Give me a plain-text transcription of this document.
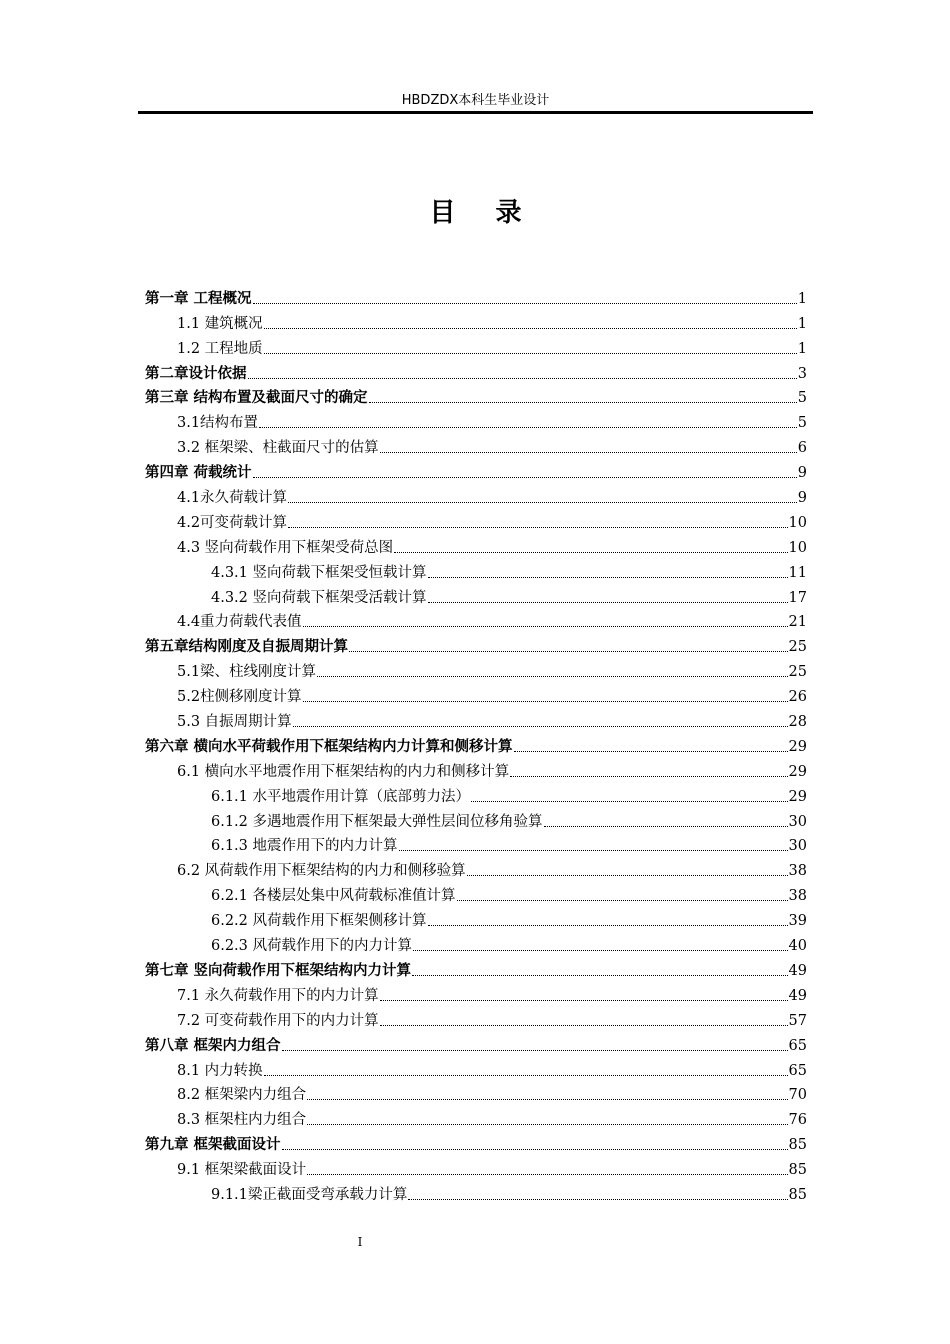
HBDZDX本科生毕业设计
目录
第一章 工程概况	1
1.1 建筑概况	1
1.2 工程地质	1
第二章设计依据	3
第三章 结构布置及截面尺寸的确定	5
3.1结构布置	5
3.2 框架梁、柱截面尺寸的估算	6
第四章 荷载统计	9
4.1永久荷载计算	9
4.2可变荷载计算	10
4.3 竖向荷载作用下框架受荷总图	10
4.3.1 竖向荷载下框架受恒载计算	11
4.3.2 竖向荷载下框架受活载计算	17
4.4重力荷载代表值	21
第五章结构刚度及自振周期计算	25
5.1梁、柱线刚度计算	25
5.2柱侧移刚度计算	26
5.3 自振周期计算	28
第六章 横向水平荷载作用下框架结构内力计算和侧移计算	29
6.1 横向水平地震作用下框架结构的内力和侧移计算	29
6.1.1 水平地震作用计算（底部剪力法）	29
6.1.2 多遇地震作用下框架最大弹性层间位移角验算	30
6.1.3 地震作用下的内力计算	30
6.2 风荷载作用下框架结构的内力和侧移验算	38
6.2.1 各楼层处集中风荷载标准值计算	38
6.2.2 风荷载作用下框架侧移计算	39
6.2.3 风荷载作用下的内力计算	40
第七章 竖向荷载作用下框架结构内力计算	49
7.1 永久荷载作用下的内力计算	49
7.2 可变荷载作用下的内力计算	57
第八章 框架内力组合	65
8.1 内力转换	65
8.2 框架梁内力组合	70
8.3 框架柱内力组合	76
第九章 框架截面设计	85
9.1 框架梁截面设计	85
9.1.1梁正截面受弯承载力计算	85
I
